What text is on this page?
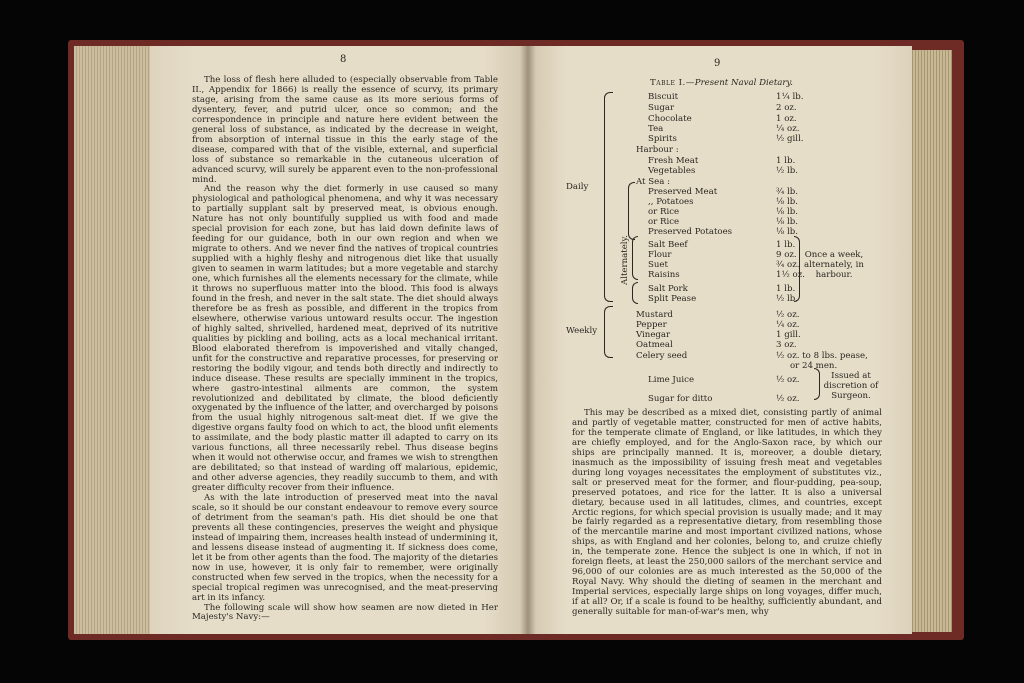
8

The loss of flesh here alluded to (especially observable from Table II., Appendix for 1866) is really the essence of scurvy, its primary stage, arising from the same cause as its more serious forms of dysentery, fever, and putrid ulcer, once so common; and the correspondence in principle and nature here evident between the general loss of substance, as indicated by the decrease in weight, from absorption of internal tissue in this the early stage of the disease, compared with that of the visible, external, and superficial loss of substance so remarkable in the cutaneous ulceration of advanced scurvy, will surely be apparent even to the non-professional mind.

And the reason why the diet formerly in use caused so many physiological and pathological phenomena, and why it was necessary to partially supplant salt by preserved meat, is obvious enough. Nature has not only bountifully supplied us with food and made special provision for each zone, but has laid down definite laws of feeding for our guidance, both in our own region and when we migrate to others. And we never find the natives of tropical countries supplied with a highly fleshy and nitrogenous diet like that usually given to seamen in warm latitudes; but a more vegetable and starchy one, which furnishes all the elements necessary for the climate, while it throws no superfluous matter into the blood. This food is always found in the fresh, and never in the salt state. The diet should always therefore be as fresh as possible, and different in the tropics from elsewhere, otherwise various untoward results occur. The ingestion of highly salted, shrivelled, hardened meat, deprived of its nutritive qualities by pickling and boiling, acts as a local mechanical irritant. Blood elaborated therefrom is impoverished and vitally changed, unfit for the constructive and reparative processes, for preserving or restoring the bodily vigour, and tends both directly and indirectly to induce disease. These results are specially imminent in the tropics, where gastro-intestinal ailments are common, the system revolutionized and debilitated by climate, the blood deficiently oxygenated by the influence of the latter, and overcharged by poisons from the usual highly nitrogenous salt-meat diet. If we give the digestive organs faulty food on which to act, the blood unfit elements to assimilate, and the body plastic matter ill adapted to carry on its various functions, all three necessarily rebel. Thus disease begins when it would not otherwise occur, and frames we wish to strengthen are debilitated; so that instead of warding off malarious, epidemic, and other adverse agencies, they readily succumb to them, and with greater difficulty recover from their influence.

As with the late introduction of preserved meat into the naval scale, so it should be our constant endeavour to remove every source of detriment from the seaman's path. His diet should be one that prevents all these contingencies, preserves the weight and physique instead of impairing them, increases health instead of undermining it, and lessens disease instead of augmenting it. If sickness does come, let it be from other agents than the food. The majority of the dietaries now in use, however, it is only fair to remember, were originally constructed when few served in the tropics, when the necessity for a special tropical regimen was unrecognised, and the meat-preserving art in its infancy.

The following scale will show how seamen are now dieted in Her Majesty's Navy:—

9
Table I.—Present Naval Dietary.
Daily
Weekly
Alternately.
Biscuit	1¼ lb.
Sugar	2 oz.
Chocolate	1 oz.
Tea	¼ oz.
Spirits	½ gill.
Harbour :
Fresh Meat	1 lb.
Vegetables	½ lb.
At Sea :
Preserved Meat	¾ lb.
,, Potatoes	⅛ lb.
or Rice	⅛ lb.
or Rice	⅛ lb.
Preserved Potatoes	⅛ lb.
Salt Beef	1 lb.
Flour	9 oz.
Suet	¾ oz.
Raisins	1½ oz.
Salt Pork	1 lb.
Split Pease	½ lb.
Mustard	½ oz.
Pepper	¼ oz.
Vinegar	1 gill.
Oatmeal	3 oz.
Celery seed	½ oz. to 8 lbs. pease,
or 24 men.
Lime Juice	½ oz.
Sugar for ditto	½ oz.
Once a week, alternately, in harbour.
Issued at discretion of Surgeon.

This may be described as a mixed diet, consisting partly of animal and partly of vegetable matter, constructed for men of active habits, for the temperate climate of England, or like latitudes, in which they are chiefly employed, and for the Anglo-Saxon race, by which our ships are principally manned. It is, moreover, a double dietary, inasmuch as the impossibility of issuing fresh meat and vegetables during long voyages necessitates the employment of substitutes viz., salt or preserved meat for the former, and flour-pudding, pea-soup, preserved potatoes, and rice for the latter. It is also a universal dietary, because used in all latitudes, climes, and countries, except Arctic regions, for which special provision is usually made; and it may be fairly regarded as a representative dietary, from resembling those of the mercantile marine and most important civilized nations, whose ships, as with England and her colonies, belong to, and cruize chiefly in, the temperate zone. Hence the subject is one in which, if not in foreign fleets, at least the 250,000 sailors of the merchant service and 96,000 of our colonies are as much interested as the 50,000 of the Royal Navy. Why should the dieting of seamen in the merchant and Imperial services, especially large ships on long voyages, differ much, if at all? Or, if a scale is found to be healthy, sufficiently abundant, and generally suitable for man-of-war's men, why
